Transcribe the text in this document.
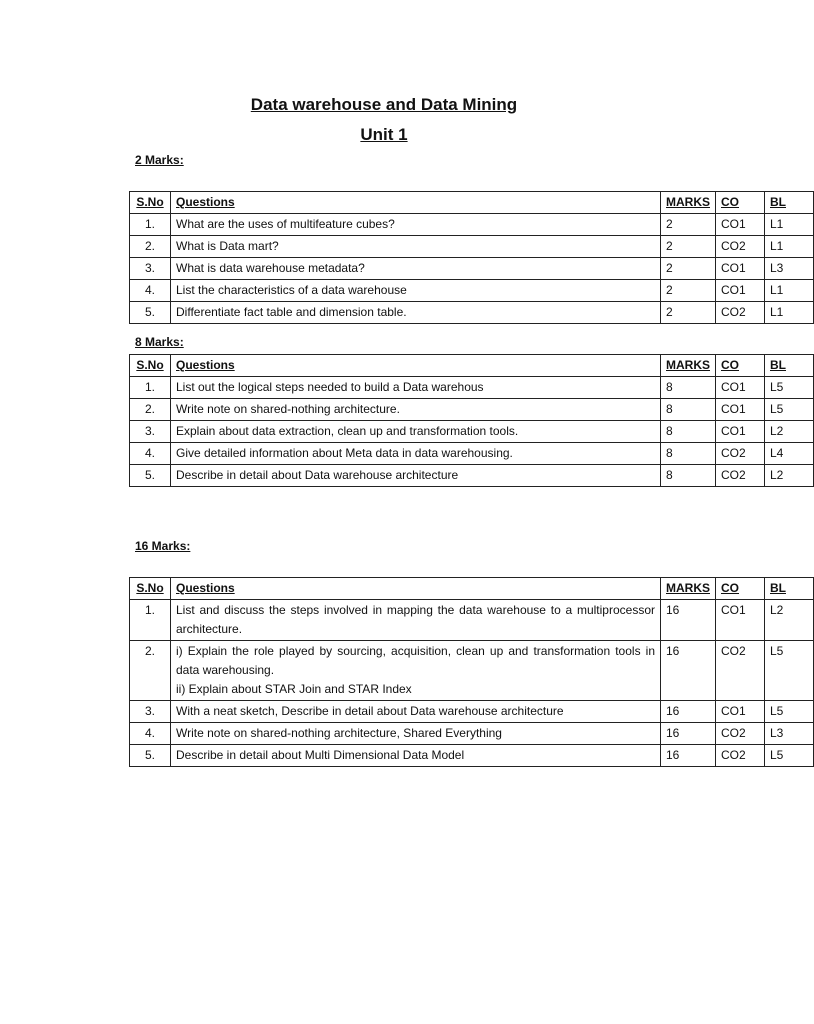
Data warehouse and Data Mining
Unit 1

2 Marks:

S.No	Questions	MARKS	CO	BL
1.	What are the uses of multifeature cubes?	2	CO1	L1
2.	What is Data mart?	2	CO2	L1
3.	What is data warehouse metadata?	2	CO1	L3
4.	List the characteristics of a data warehouse	2	CO1	L1
5.	Differentiate fact table and dimension table.	2	CO2	L1

8 Marks:

S.No	Questions	MARKS	CO	BL
1.	List out the logical steps needed to build a Data warehous	8	CO1	L5
2.	Write note on shared-nothing architecture.	8	CO1	L5
3.	Explain about data extraction, clean up and transformation tools.	8	CO1	L2
4.	Give detailed information about Meta data in data warehousing.	8	CO2	L4
5.	Describe in detail about Data warehouse architecture	8	CO2	L2

16 Marks:

S.No	Questions	MARKS	CO	BL
1.	List and discuss the steps involved in mapping the data warehouse to a multiprocessor architecture.	16	CO1	L2
2.	i) Explain the role played by sourcing, acquisition, clean up and transformation tools in data warehousing.
ii) Explain about STAR Join and STAR Index	16	CO2	L5
3.	With a neat sketch, Describe in detail about Data warehouse architecture	16	CO1	L5
4.	Write note on shared-nothing architecture, Shared Everything	16	CO2	L3
5.	Describe in detail about Multi Dimensional Data Model	16	CO2	L5
